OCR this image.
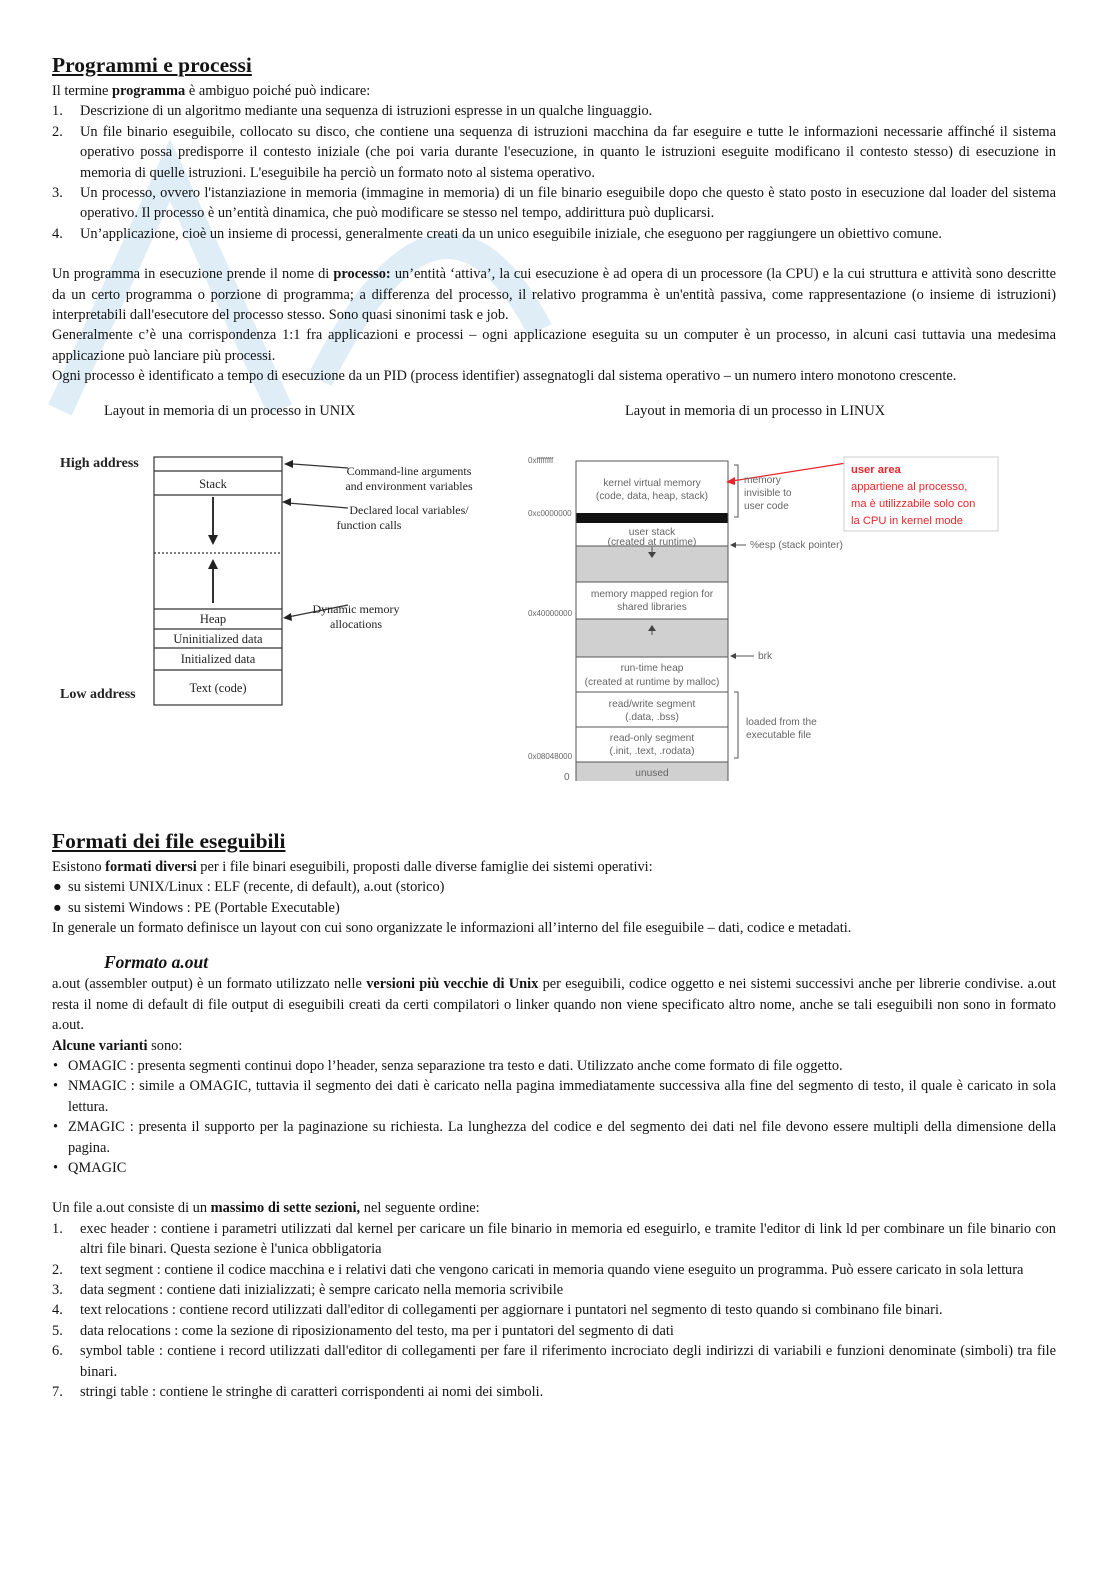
Programmi e processi

Il termine programma è ambiguo poiché può indicare:

1. Descrizione di un algoritmo mediante una sequenza di istruzioni espresse in un qualche linguaggio.
2. Un file binario eseguibile, collocato su disco, che contiene una sequenza di istruzioni macchina da far eseguire e tutte le informazioni necessarie affinché il sistema operativo possa predisporre il contesto iniziale (che poi varia durante l'esecuzione, in quanto le istruzioni eseguite modificano il contesto stesso) di esecuzione in memoria di quelle istruzioni. L'eseguibile ha perciò un formato noto al sistema operativo.
3. Un processo, ovvero l'istanziazione in memoria (immagine in memoria) di un file binario eseguibile dopo che questo è stato posto in esecuzione dal loader del sistema operativo. Il processo è un’entità dinamica, che può modificare se stesso nel tempo, addirittura può duplicarsi.
4. Un’applicazione, cioè un insieme di processi, generalmente creati da un unico eseguibile iniziale, che eseguono per raggiungere un obiettivo comune.

Un programma in esecuzione prende il nome di processo: un’entità ‘attiva’, la cui esecuzione è ad opera di un processore (la CPU) e la cui struttura e attività sono descritte da un certo programma o porzione di programma; a differenza del processo, il relativo programma è un'entità passiva, come rappresentazione (o insieme di istruzioni) interpretabili dall'esecutore del processo stesso. Sono quasi sinonimi task e job.

Generalmente c’è una corrispondenza 1:1 fra applicazioni e processi – ogni applicazione eseguita su un computer è un processo, in alcuni casi tuttavia una medesima applicazione può lanciare più processi.

Ogni processo è identificato a tempo di esecuzione da un PID (process identifier) assegnatogli dal sistema operativo – un numero intero monotono crescente.

Layout in memoria di un processo in UNIX	Layout in memoria di un processo in LINUX
High address
Low address
Stack
Heap
Uninitialized data
Initialized data
Text (code)
Command-line arguments
and environment variables
Declared local variables/
function calls
Dynamic memory
allocations
0xffffffff
0xc0000000
0x40000000
0x08048000
0
kernel virtual memory
(code, data, heap, stack)
user stack
(created at runtime)
memory mapped region for
shared libraries
run-time heap
(created at runtime by malloc)
read/write segment
(.data, .bss)
read-only segment
(.init, .text, .rodata)
unused
memory
invisible to
user code
%esp (stack pointer)
brk
loaded from the
executable file
user area
appartiene al processo,
ma è utilizzabile solo con
la CPU in kernel mode
Formati dei file eseguibili

Esistono formati diversi per i file binari eseguibili, proposti dalle diverse famiglie dei sistemi operativi:

● su sistemi UNIX/Linux : ELF (recente, di default), a.out (storico)
● su sistemi Windows : PE (Portable Executable)

In generale un formato definisce un layout con cui sono organizzate le informazioni all’interno del file eseguibile – dati, codice e metadati.

Formato a.out

a.out (assembler output) è un formato utilizzato nelle versioni più vecchie di Unix per eseguibili, codice oggetto e nei sistemi successivi anche per librerie condivise. a.out resta il nome di default di file output di eseguibili creati da certi compilatori o linker quando non viene specificato altro nome, anche se tali eseguibili non sono in formato a.out.

Alcune varianti sono:

• OMAGIC : presenta segmenti continui dopo l’header, senza separazione tra testo e dati. Utilizzato anche come formato di file oggetto.
• NMAGIC : simile a OMAGIC, tuttavia il segmento dei dati è caricato nella pagina immediatamente successiva alla fine del segmento di testo, il quale è caricato in sola lettura.
• ZMAGIC : presenta il supporto per la paginazione su richiesta. La lunghezza del codice e del segmento dei dati nel file devono essere multipli della dimensione della pagina.
• QMAGIC

Un file a.out consiste di un massimo di sette sezioni, nel seguente ordine:

1. exec header : contiene i parametri utilizzati dal kernel per caricare un file binario in memoria ed eseguirlo, e tramite l'editor di link ld per combinare un file binario con altri file binari. Questa sezione è l'unica obbligatoria
2. text segment : contiene il codice macchina e i relativi dati che vengono caricati in memoria quando viene eseguito un programma. Può essere caricato in sola lettura
3. data segment : contiene dati inizializzati; è sempre caricato nella memoria scrivibile
4. text relocations : contiene record utilizzati dall'editor di collegamenti per aggiornare i puntatori nel segmento di testo quando si combinano file binari.
5. data relocations : come la sezione di riposizionamento del testo, ma per i puntatori del segmento di dati
6. symbol table : contiene i record utilizzati dall'editor di collegamenti per fare il riferimento incrociato degli indirizzi di variabili e funzioni denominate (simboli) tra file binari.
7. stringi table : contiene le stringhe di caratteri corrispondenti ai nomi dei simboli.
